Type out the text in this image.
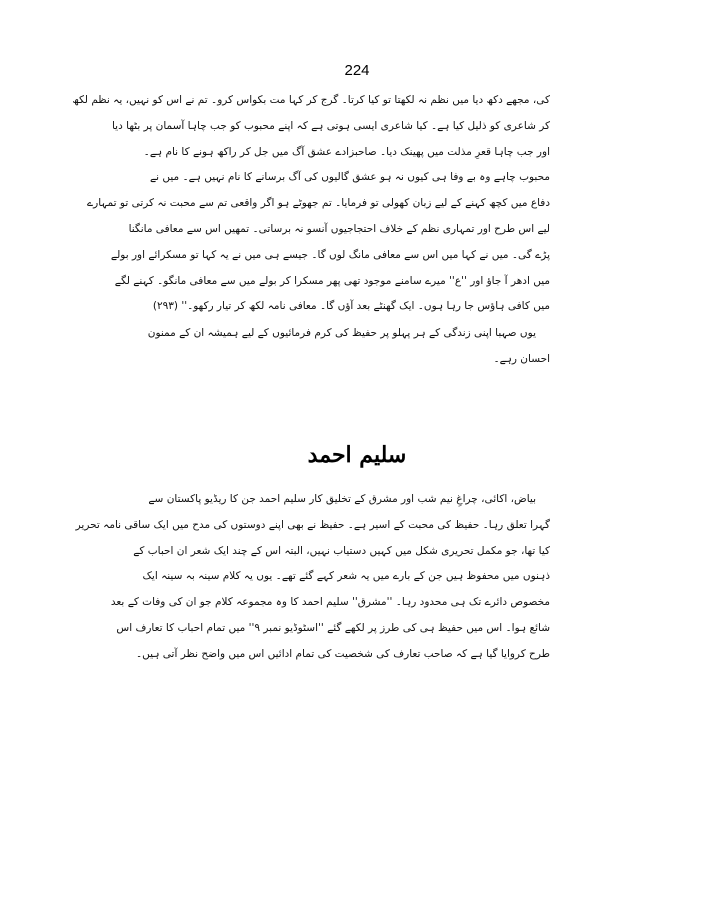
224

کی، مجھے دکھ دیا میں نظم نہ لکھتا تو کیا کرتا۔ گرج کر کہا مت بکواس کرو۔ تم نے اس کو نہیں، یہ نظم لکھ
کر شاعری کو ذلیل کیا ہے۔ کیا شاعری ایسی ہوتی ہے کہ اپنے محبوب کو جب چاہا آسمان پر بٹھا دیا
اور جب چاہا قعرِ مذلت میں پھینک دیا۔ صاحبزادے عشق آگ میں جل کر راکھ ہونے کا نام ہے۔
محبوب چاہے وہ بے وفا ہی کیوں نہ ہو عشق گالیوں کی آگ برسانے کا نام نہیں ہے۔ میں نے
دفاع میں کچھ کہنے کے لیے زبان کھولی تو فرمایا۔ تم جھوٹے ہو اگر واقعی تم سے محبت نہ کرتی تو تمہارے
لیے اس طرح اور تمہاری نظم کے خلاف احتجاجیوں آنسو نہ برساتی۔ تمھیں اس سے معافی مانگنا
پڑے گی۔ میں نے کہا میں اس سے معافی مانگ لوں گا۔ جیسے ہی میں نے یہ کہا تو مسکرائے اور بولے
میں ادھر آ جاؤ اور ''ع'' میرے سامنے موجود تھی پھر مسکرا کر بولے میں سے معافی مانگو۔ کہنے لگے
میں کافی ہاؤس جا رہا ہوں۔ ایک گھنٹے بعد آؤں گا۔ معافی نامہ لکھ کر تیار رکھو۔'' (۲۹۳)

یوں صہبا اپنی زندگی کے ہر پہلو پر حفیظ کی کرم فرمائیوں کے لیے ہمیشہ ان کے ممنون
احسان رہے۔

سلیم احمد

بیاض، اکائی، چراغِ نیم شب اور مشرق کے تخلیق کار سلیم احمد جن کا ریڈیو پاکستان سے
گہرا تعلق رہا۔ حفیظ کی محبت کے اسیر ہے۔ حفیظ نے بھی اپنے دوستوں کی مدح میں ایک ساقی نامہ تحریر
کیا تھا، جو مکمل تحریری شکل میں کہیں دستیاب نہیں، البتہ اس کے چند ایک شعر ان احباب کے
ذہنوں میں محفوظ ہیں جن کے بارے میں یہ شعر کہے گئے تھے۔ یوں یہ کلام سینہ بہ سینہ ایک
مخصوص دائرے تک ہی محدود رہا۔ ''مشرق'' سلیم احمد کا وہ مجموعہ کلام جو ان کی وفات کے بعد
شائع ہوا۔ اس میں حفیظ ہی کی طرز پر لکھے گئے ''اسٹوڈیو نمبر ۹'' میں تمام احباب کا تعارف اس
طرح کروایا گیا ہے کہ صاحب تعارف کی شخصیت کی تمام ادائیں اس میں واضح نظر آتی ہیں۔
